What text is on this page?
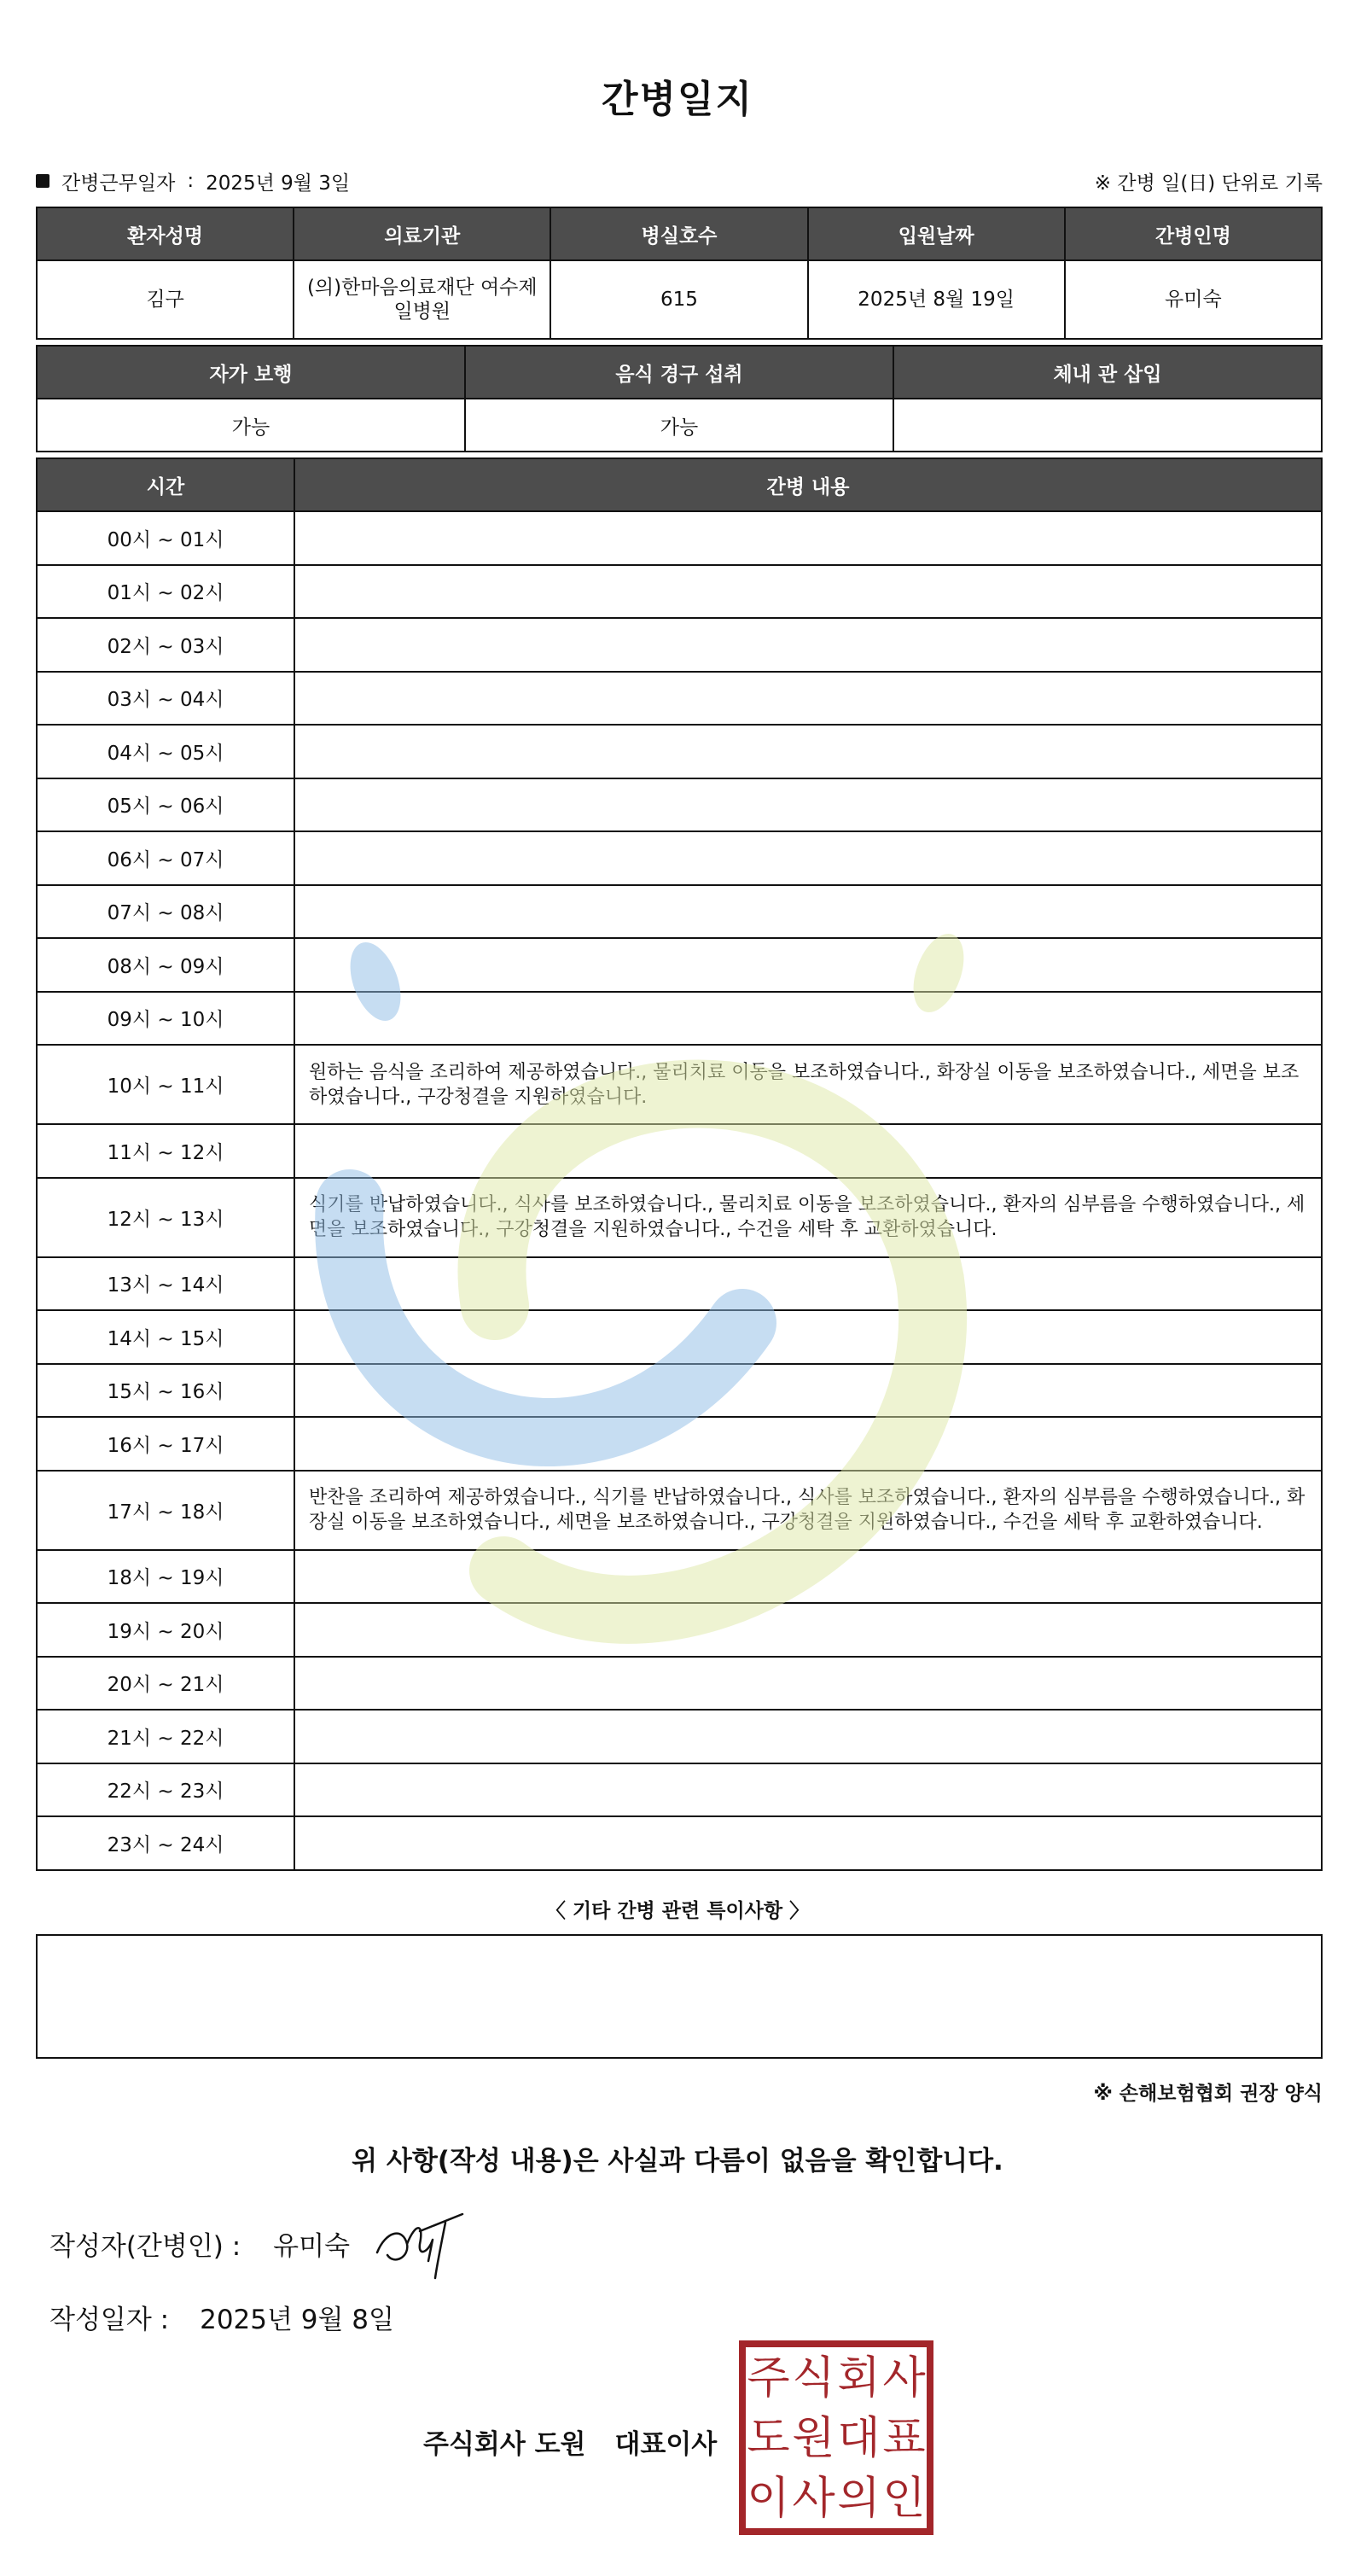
간병일지
간병근무일자 : 2025년 9월 3일	※ 간병 일(日) 단위로 기록
환자성명	의료기관	병실호수	입원날짜	간병인명
김구	(의)한마음의료재단 여수제일병원	615	2025년 8월 19일	유미숙
자가 보행	음식 경구 섭취	체내 관 삽입
가능	가능	
시간	간병 내용
00시 ~ 01시	
01시 ~ 02시	
02시 ~ 03시	
03시 ~ 04시	
04시 ~ 05시	
05시 ~ 06시	
06시 ~ 07시	
07시 ~ 08시	
08시 ~ 09시	
09시 ~ 10시	
10시 ~ 11시	원하는 음식을 조리하여 제공하였습니다., 물리치료 이동을 보조하였습니다., 화장실 이동을 보조하였습니다., 세면을 보조하였습니다., 구강청결을 지원하였습니다.
11시 ~ 12시	
12시 ~ 13시	식기를 반납하였습니다., 식사를 보조하였습니다., 물리치료 이동을 보조하였습니다., 환자의 심부름을 수행하였습니다., 세면을 보조하였습니다., 구강청결을 지원하였습니다., 수건을 세탁 후 교환하였습니다.
13시 ~ 14시	
14시 ~ 15시	
15시 ~ 16시	
16시 ~ 17시	
17시 ~ 18시	반찬을 조리하여 제공하였습니다., 식기를 반납하였습니다., 식사를 보조하였습니다., 환자의 심부름을 수행하였습니다., 화장실 이동을 보조하였습니다., 세면을 보조하였습니다., 구강청결을 지원하였습니다., 수건을 세탁 후 교환하였습니다.
18시 ~ 19시	
19시 ~ 20시	
20시 ~ 21시	
21시 ~ 22시	
22시 ~ 23시	
23시 ~ 24시	
〈 기타 간병 관련 특이사항 〉
※ 손해보험협회 권장 양식
위 사항(작성 내용)은 사실과 다름이 없음을 확인합니다.
작성자(간병인) : 유미숙
작성일자 : 2025년 9월 8일
주식회사 도원 대표이사
주 식 회 사
도 원 대 표
이 사 의 인
